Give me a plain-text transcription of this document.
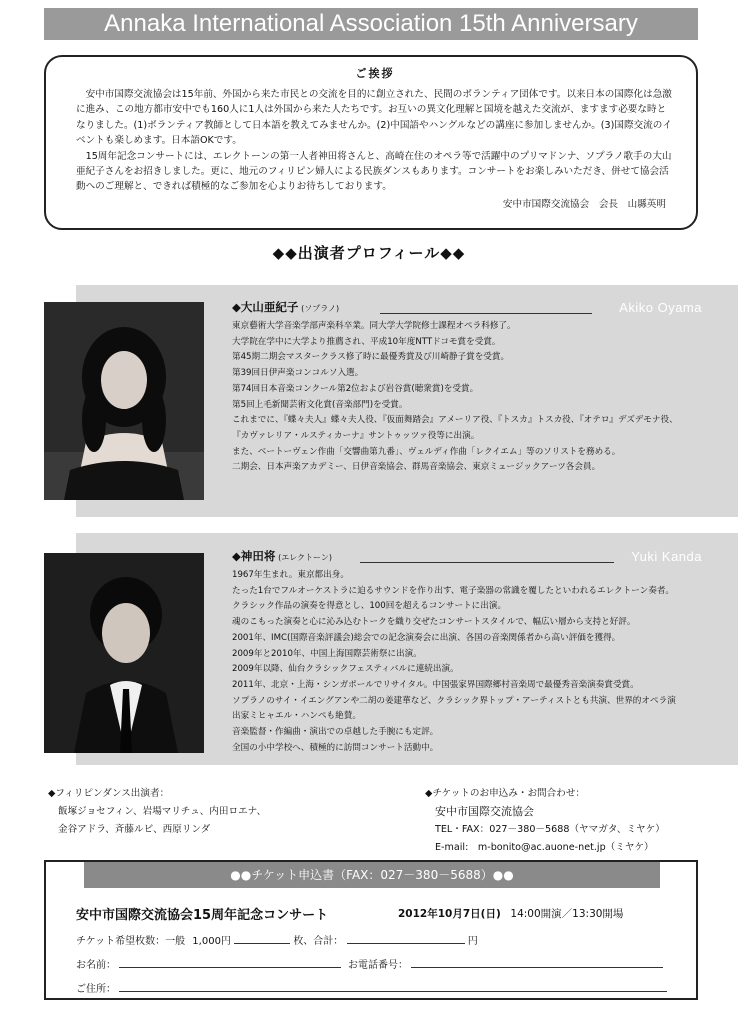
Annaka International Association 15th Anniversary
ご挨拶

安中市国際交流協会は15年前、外国から来た市民との交流を目的に創立された、民間のボランティア団体です。以来日本の国際化は急激に進み、この地方都市安中でも160人に1人は外国から来た人たちです。お互いの異文化理解と国境を越えた交流が、ますます必要な時となりました。(1)ボランティア教師として日本語を教えてみませんか。(2)中国語やハングルなどの講座に参加しませんか。(3)国際交流のイベントも楽しめます。日本語OKです。

15周年記念コンサートには、エレクトーンの第一人者神田将さんと、高崎在住のオペラ等で活躍中のプリマドンナ、ソプラノ歌手の大山亜紀子さんをお招きしました。更に、地元のフィリピン婦人による民族ダンスもあります。コンサートをお楽しみいただき、併せて協会活動へのご理解と、できれば積極的なご参加を心よりお待ちしております。

安中市国際交流協会　会長　山縣英明
◆◆出演者プロフィール◆◆
◆大山亜紀子 (ソプラノ)	Akiko Oyama
東京藝術大学音楽学部声楽科卒業。同大学大学院修士課程オペラ科修了。
大学院在学中に大学より推薦され、平成10年度NTTドコモ賞を受賞。
第45期二期会マスタークラス修了時に最優秀賞及び川崎静子賞を受賞。
第39回日伊声楽コンコルソ入選。
第74回日本音楽コンクール第2位および岩谷賞(聴衆賞)を受賞。
第5回上毛新聞芸術文化賞(音楽部門)を受賞。
これまでに、『蝶々夫人』蝶々夫人役、『仮面舞踏会』アメーリア役、『トスカ』トスカ役、『オテロ』デズデモナ役、
『カヴァレリア・ルスティカーナ』サントゥッツァ役等に出演。
また、ベートーヴェン作曲「交響曲第九番」、ヴェルディ作曲「レクイエム」等のソリストを務める。
二期会、日本声楽アカデミー、日伊音楽協会、群馬音楽協会、東京ミュージックアーツ各会員。
◆神田将 (エレクトーン)	Yuki Kanda
1967年生まれ。東京都出身。
たった1台でフルオーケストラに迫るサウンドを作り出す、電子楽器の常識を覆したといわれるエレクトーン奏者。
クラシック作品の演奏を得意とし、100回を超えるコンサートに出演。
魂のこもった演奏と心に沁み込むトークを織り交ぜたコンサートスタイルで、幅広い層から支持と好評。
2001年、IMC(国際音楽評議会)総会での記念演奏会に出演、各国の音楽関係者から高い評価を獲得。
2009年と2010年、中国上海国際芸術祭に出演。
2009年以降、仙台クラシックフェスティバルに連続出演。
2011年、北京・上海・シンガポールでリサイタル。中国張家界国際郷村音楽周で最優秀音楽演奏賞受賞。
ソプラノのサイ・イエングアンや二胡の姜建華など、クラシック界トップ・アーティストとも共演、世界的オペラ演
出家ミヒャエル・ハンペも絶賛。
音楽監督・作編曲・演出での卓越した手腕にも定評。
全国の小中学校へ、積極的に訪問コンサート活動中。
◆フィリピンダンス出演者：
飯塚ジョセフィン、岩場マリチュ、内田ロエナ、
金谷アドラ、斉藤ルビ、西原リンダ
◆チケットのお申込み・お問合わせ：
安中市国際交流協会
TEL・FAX：027－380－5688（ヤマガタ、ミヤケ）
E-mail:　m-bonito@ac.auone-net.jp（ミヤケ）
●●チケット申込書（FAX：027－380－5688）●●
安中市国際交流協会15周年記念コンサート	2012年10月7日(日) 14:00開演／13:30開場
チケット希望枚数：一般 1,000円	枚、合計：	円
お名前：	お電話番号：
ご住所：
